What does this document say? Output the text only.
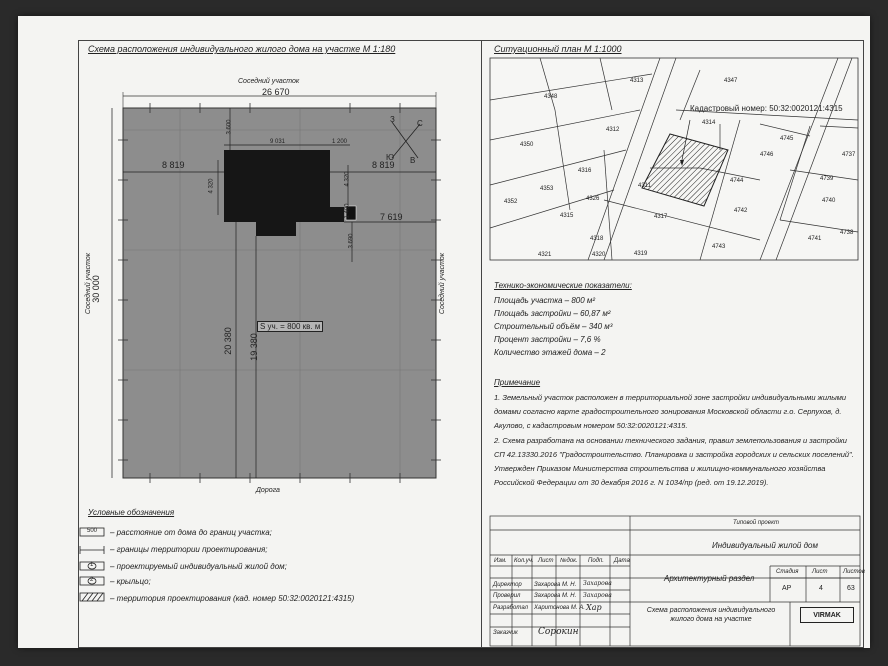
Схема расположения индивидуального жилого дома на участке М 1:180
Соседний участок
26 670
З	С
Ю В
3 600
9 031	1 200
8 819	8 819
4 320	4 320
1 400	7 619
3 690
20 380 19 380
S уч. = 800 кв. м
Соседний участок
30 000	Соседний участок
Дорога
Условные обозначения
500 – расстояние от дома до границ участка;
– границы территории проектирования;
1 – проектируемый индивидуальный жилой дом;
2 – крыльцо;
– территория проектирования (кад. номер 50:32:0020121:4315)
Ситуационный план М 1:1000
Кадастровый номер: 50:32:0020121:4315
4313
4348
4312
4350
4316
4311
4352
4315	4317
4318
4319
4353
4326
4321	4320
4314
4347
4746
4744
4745
4743
4742
4739
4740
4741
4737
4738
Технико-экономические показатели:
Площадь участка – 800 м²
Площадь застройки – 60,87 м²
Строительный объём – 340 м³
Процент застройки – 7,6 %
Количество этажей дома – 2
Примечание
1. Земельный участок расположен в территориальной зоне застройки индивидуальными жилыми
домами согласно карте градостроительного зонирования Московской области г.о. Серпухов, д.
Акулово, с кадастровым номером 50:32:0020121:4315.
2. Схема разработана на основании технического задания, правил землепользования и застройки
СП 42.13330.2016 "Градостроительство. Планировка и застройка городских и сельских поселений".
Утвержден Приказом Министерства строительства и жилищно-коммунального хозяйства
Российской Федерации от 30 декабря 2016 г. N 1034/пр (ред. от 19.12.2019).
Типовой проект
Индивидуальный жилой дом
Изм. Кол.уч. Лист №док. Подп. Дата
Директор Захарова М. Н. Захарова
Проверил Захарова М. Н. Захарова
Разработал Харитонова М. А. Хар
Заказчик Сорокин
Архитектурный раздел
Стадия Лист	Листов
АР	4	63
Схема расположения индивидуального жилого дома на участке
VIRMAK
